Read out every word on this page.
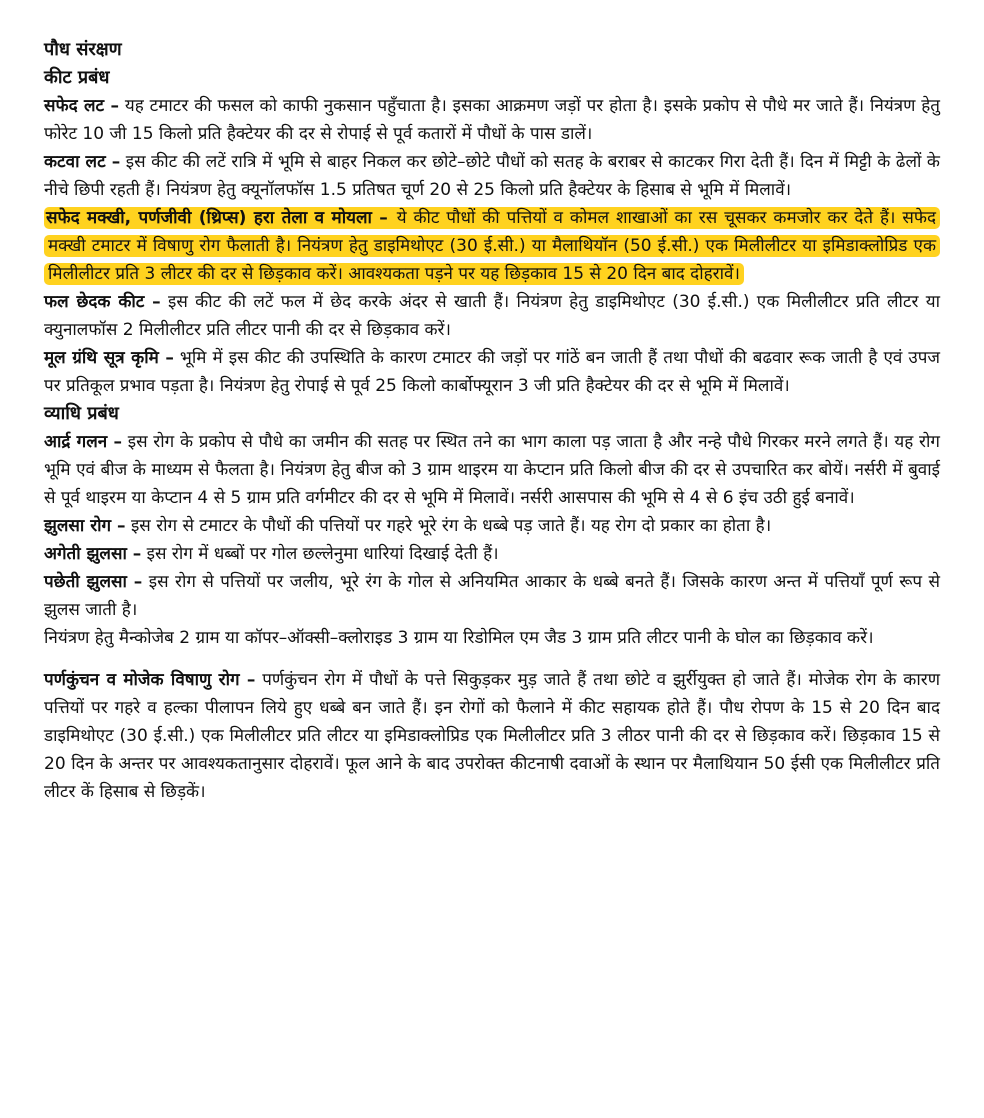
पौध संरक्षण
कीट प्रबंध

सफेद लट – यह टमाटर की फसल को काफी नुकसान पहुँचाता है। इसका आक्रमण जड़ों पर होता है। इसके प्रकोप से पौधे मर जाते हैं। नियंत्रण हेतु फोरेट 10 जी 15 किलो प्रति हैक्टेयर की दर से रोपाई से पूर्व कतारों में पौधों के पास डालें।

कटवा लट – इस कीट की लटें रात्रि में भूमि से बाहर निकल कर छोटे–छोटे पौधों को सतह के बराबर से काटकर गिरा देती हैं। दिन में मिट्टी के ढेलों के नीचे छिपी रहती हैं। नियंत्रण हेतु क्यूनॉलफॉस 1.5 प्रतिषत चूर्ण 20 से 25 किलो प्रति हैक्टेयर के हिसाब से भूमि में मिलावें।

सफेद मक्खी, पर्णजीवी (थ्रिप्स) हरा तेला व मोयला – ये कीट पौधों की पत्तियों व कोमल शाखाओं का रस चूसकर कमजोर कर देते हैं। सफेद मक्खी टमाटर में विषाणु रोग फैलाती है। नियंत्रण हेतु डाइमिथोएट (30 ई.सी.) या मैलाथियॉन (50 ई.सी.) एक मिलीलीटर या इमिडाक्लोप्रिड एक मिलीलीटर प्रति 3 लीटर की दर से छिड़काव करें। आवश्यकता पड़ने पर यह छिड़काव 15 से 20 दिन बाद दोहरावें।

फल छेदक कीट – इस कीट की लटें फल में छेद करके अंदर से खाती हैं। नियंत्रण हेतु डाइमिथोएट (30 ई.सी.) एक मिलीलीटर प्रति लीटर या क्युनालफॉस 2 मिलीलीटर प्रति लीटर पानी की दर से छिड़काव करें।

मूल ग्रंथि सूत्र कृमि – भूमि में इस कीट की उपस्थिति के कारण टमाटर की जड़ों पर गांठें बन जाती हैं तथा पौधों की बढवार रूक जाती है एवं उपज पर प्रतिकूल प्रभाव पड़ता है। नियंत्रण हेतु रोपाई से पूर्व 25 किलो कार्बोफ्यूरान 3 जी प्रति हैक्टेयर की दर से भूमि में मिलावें।

व्याधि प्रबंध

आर्द्र गलन – इस रोग के प्रकोप से पौधे का जमीन की सतह पर स्थित तने का भाग काला पड़ जाता है और नन्हे पौधे गिरकर मरने लगते हैं। यह रोग भूमि एवं बीज के माध्यम से फैलता है। नियंत्रण हेतु बीज को 3 ग्राम थाइरम या केप्टान प्रति किलो बीज की दर से उपचारित कर बोयें। नर्सरी में बुवाई से पूर्व थाइरम या केप्टान 4 से 5 ग्राम प्रति वर्गमीटर की दर से भूमि में मिलावें। नर्सरी आसपास की भूमि से 4 से 6 इंच उठी हुई बनावें।

झुलसा रोग – इस रोग से टमाटर के पौधों की पत्तियों पर गहरे भूरे रंग के धब्बे पड़ जाते हैं। यह रोग दो प्रकार का होता है।

अगेती झुलसा – इस रोग में धब्बों पर गोल छल्लेनुमा धारियां दिखाई देती हैं।

पछेती झुलसा – इस रोग से पत्तियों पर जलीय, भूरे रंग के गोल से अनियमित आकार के धब्बे बनते हैं। जिसके कारण अन्त में पत्तियॉं पूर्ण रूप से झुलस जाती है।

नियंत्रण हेतु मैन्कोजेब 2 ग्राम या कॉपर–ऑक्सी–क्लोराइड 3 ग्राम या रिडोमिल एम जैड 3 ग्राम प्रति लीटर पानी के घोल का छिड़काव करें।

पर्णकुंचन व मोजेक विषाणु रोग – पर्णकुंचन रोग में पौधों के पत्ते सिकुड़कर मुड़ जाते हैं तथा छोटे व झुर्रीयुक्त हो जाते हैं। मोजेक रोग के कारण पत्तियों पर गहरे व हल्का पीलापन लिये हुए धब्बे बन जाते हैं। इन रोगों को फैलाने में कीट सहायक होते हैं। पौध रोपण के 15 से 20 दिन बाद डाइमिथोएट (30 ई.सी.) एक मिलीलीटर प्रति लीटर या इमिडाक्लोप्रिड एक मिलीलीटर प्रति 3 लीठर पानी की दर से छिड़काव करें। छिड़काव 15 से 20 दिन के अन्तर पर आवश्यकतानुसार दोहरावें। फूल आने के बाद उपरोक्त कीटनाषी दवाओं के स्थान पर मैलाथियान 50 ईसी एक मिलीलीटर प्रति लीटर कें हिसाब से छिड़कें।
